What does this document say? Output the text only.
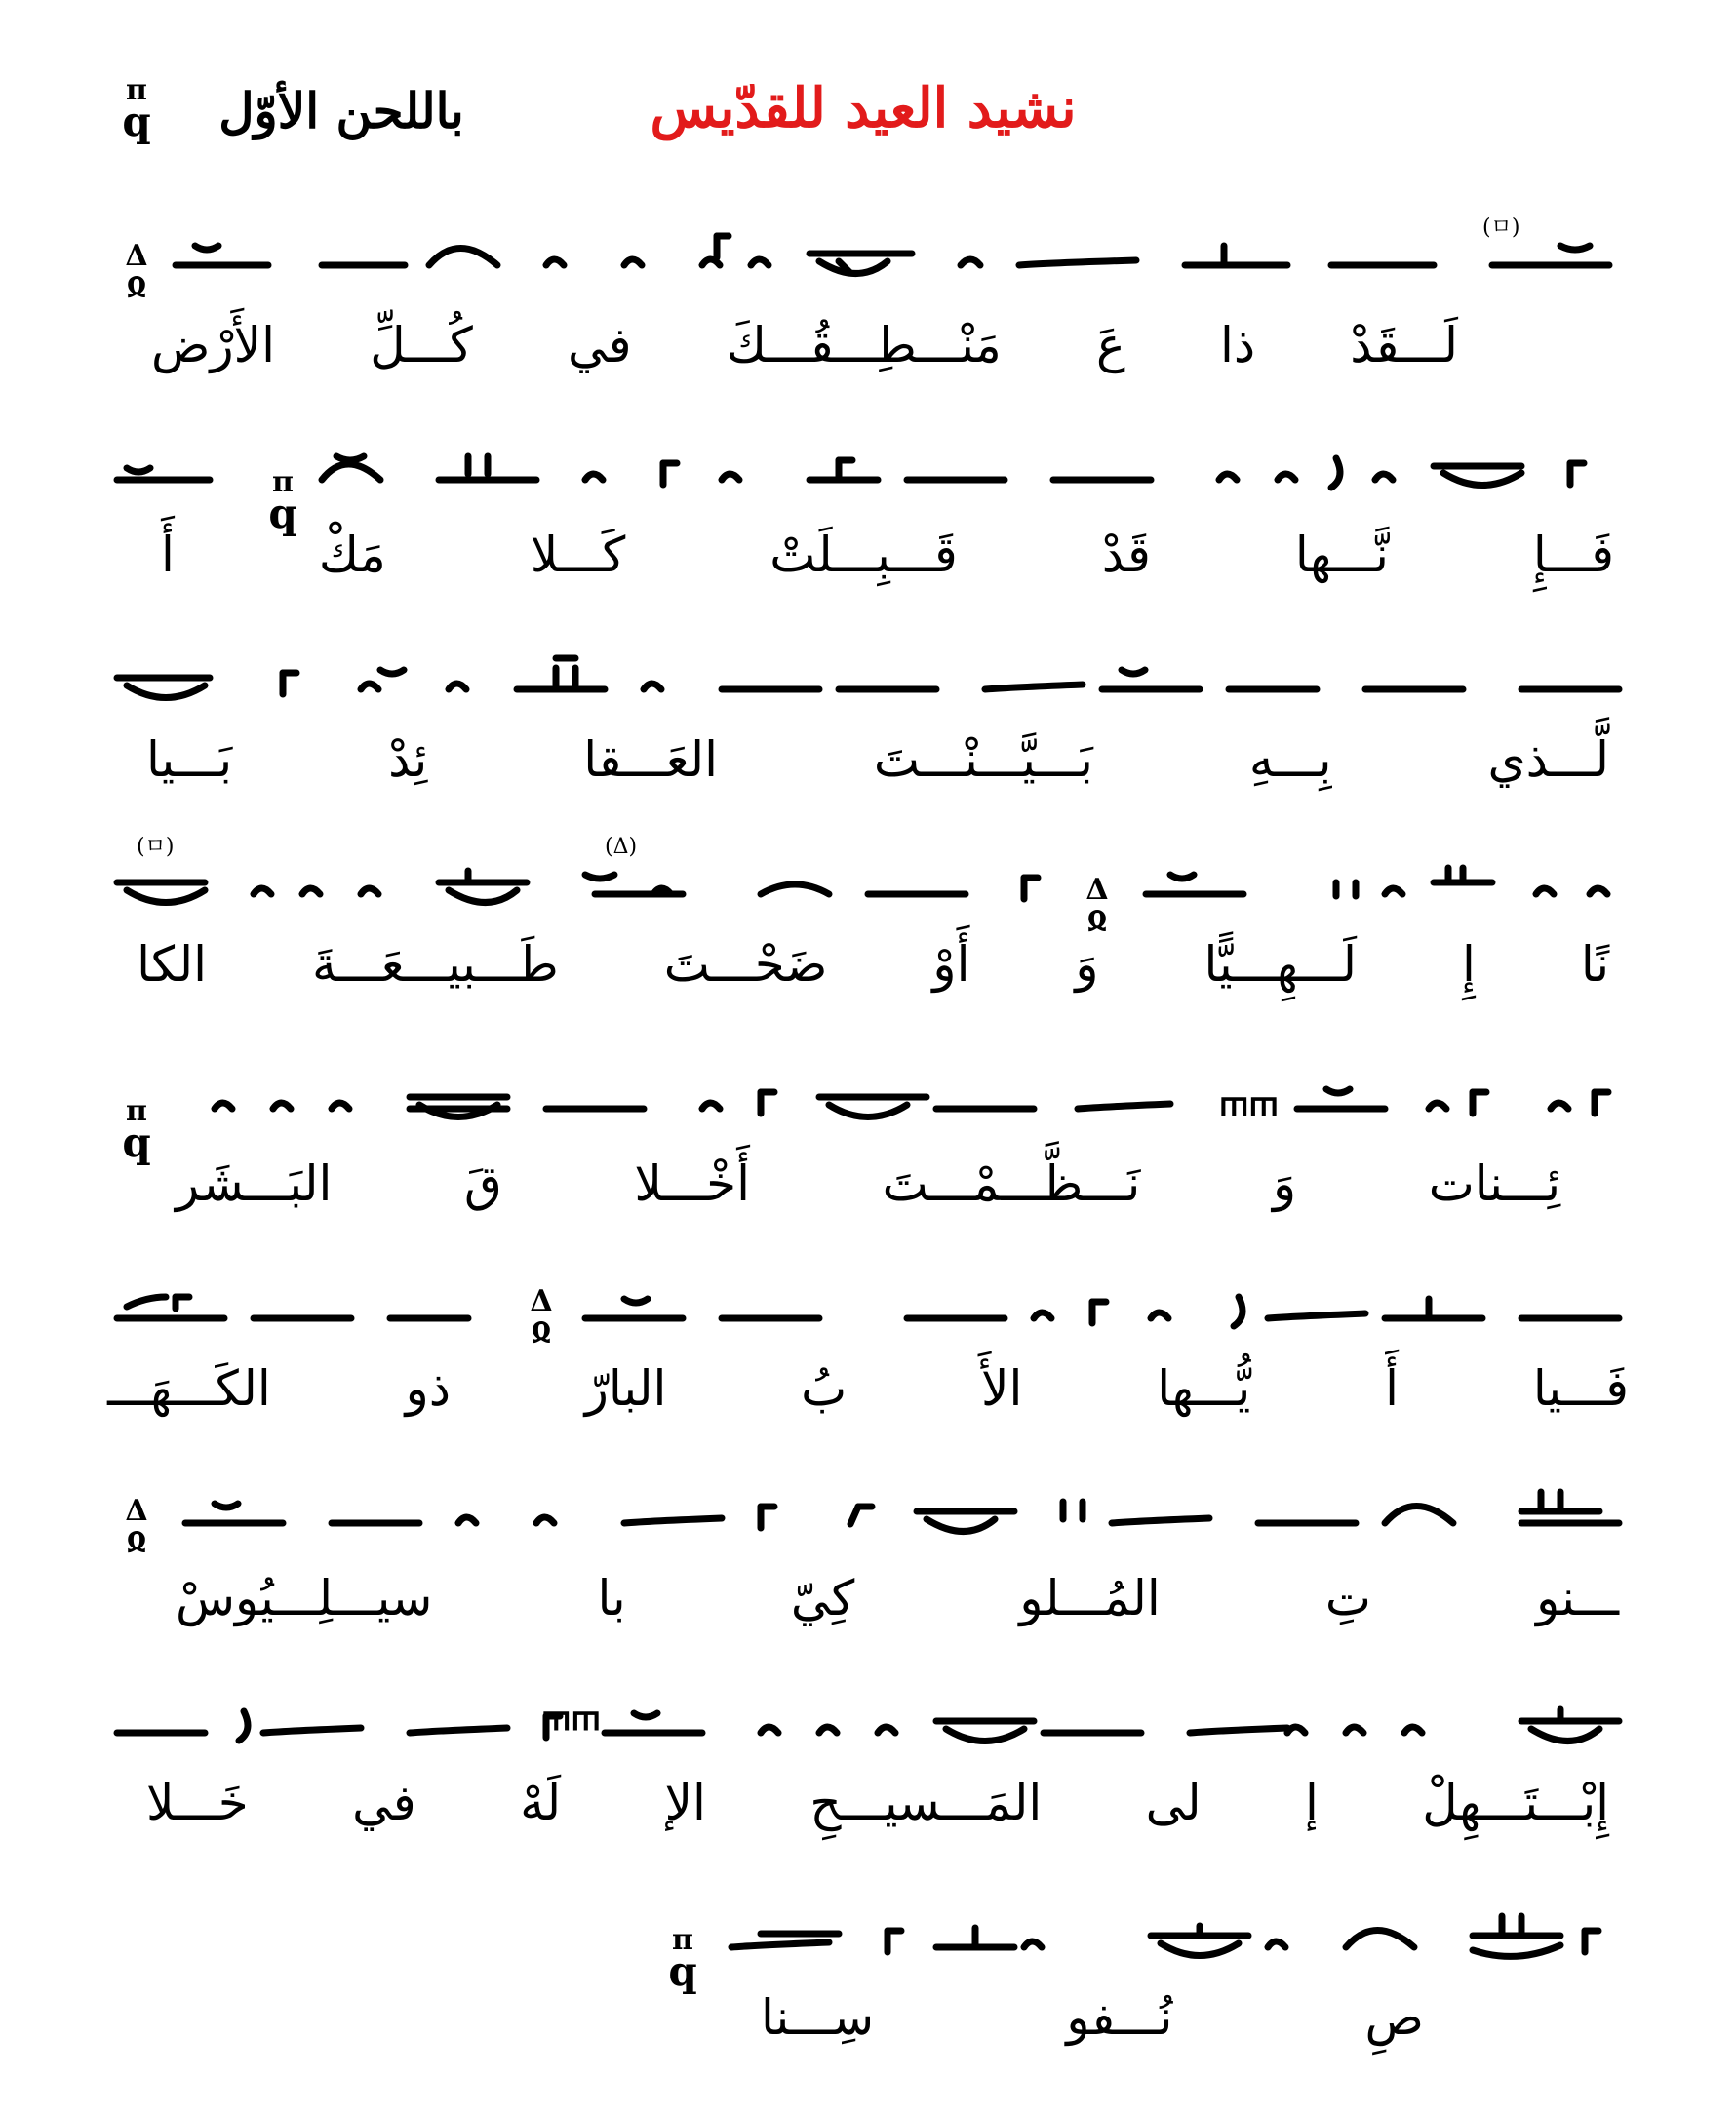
نشيد العيد للقدّيس
باللحن الأوّل
π
q
(ㅁ)
Δ
ჲ
لَـــقَدْ
ذا
عَ
مَنْـــطِـــقُـــكَ
في
كُـــلِّ
الأَرْض
π
q
فَـــإِ
نَّـــها
قَدْ
قَـــبِـــلَتْ
كَـــلا
مَكْ
أَ
لَّـــذي
بِـــهِ
بَـــيَّـــنْـــتَ
العَـــقا
ئِدْ
بَـــيا
(Δ)
(ㅁ)
Δ
ჲ
نًا
إِ
لَـــهِـــيًّا
وَ
أَوْ
ضَحْـــتَ
طَـــبيـــعَـــةَ
الكا
ᲅᲅ
π
q
ئِـــنات
وَ
نَـــظَّـــمْـــتَ
أَخْـــلا
قَ
البَـــشَر
Δ
ჲ
فَـــيا
أَ
يُّـــها
الأَ
بُ
البارّ
ذو
الكَـــهَـــ
Δ
ჲ
ـــنو
تِ
المُـــلو
كِيّ
با
سيـــلِـــيُوسْ
ᲅᲅ
إِبْـــتَـــهِلْ
إ
لى
المَـــسيـــحِ
الإ
لَهْ
في
خَـــلا
π
q
صِ
نُـــفو
سِـــنا
